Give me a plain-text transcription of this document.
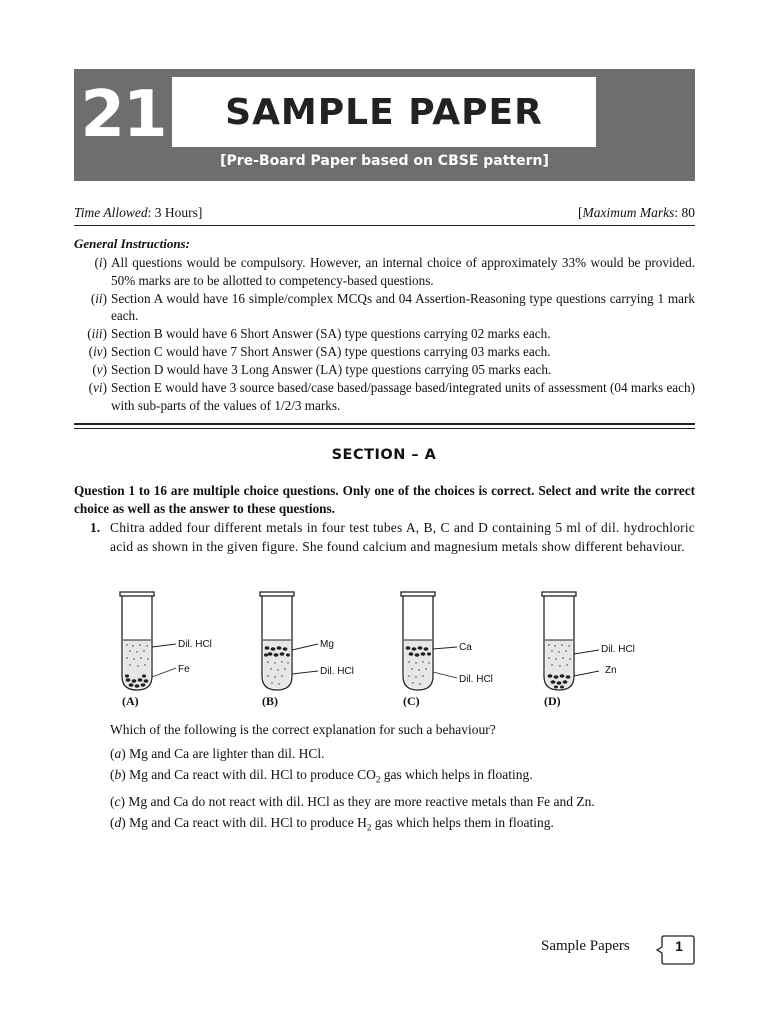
21 SAMPLE PAPER
[Pre-Board Paper based on CBSE pattern]
Time Allowed: 3 Hours]	[Maximum Marks: 80
General Instructions:
(i) All questions would be compulsory. However, an internal choice of approximately 33% would be provided. 50% marks are to be allotted to competency-based questions.
(ii) Section A would have 16 simple/complex MCQs and 04 Assertion-Reasoning type questions carrying 1 mark each.
(iii) Section B would have 6 Short Answer (SA) type questions carrying 02 marks each.
(iv) Section C would have 7 Short Answer (SA) type questions carrying 03 marks each.
(v) Section D would have 3 Long Answer (LA) type questions carrying 05 marks each.
(vi) Section E would have 3 source based/case based/passage based/integrated units of assessment (04 marks each) with sub-parts of the values of 1/2/3 marks.
SECTION – A
Question 1 to 16 are multiple choice questions. Only one of the choices is correct. Select and write the correct choice as well as the answer to these questions.
1. Chitra added four different metals in four test tubes A, B, C and D containing 5 ml of dil. hydrochloric acid as shown in the given figure. She found calcium and magnesium metals show different behaviour.
Dil. HCl
Fe
(A)
Mg
Dil. HCl
(B)
Ca
Dil. HCl
(C)
Dil. HCl
Zn
(D)
Which of the following is the correct explanation for such a behaviour?
(a) Mg and Ca are lighter than dil. HCl.
(b) Mg and Ca react with dil. HCl to produce $CO_2$ gas which helps in floating.
(c) Mg and Ca do not react with dil. HCl as they are more reactive metals than Fe and Zn.
(d) Mg and Ca react with dil. HCl to produce $H_2$ gas which helps them in floating.
Sample Papers	1
